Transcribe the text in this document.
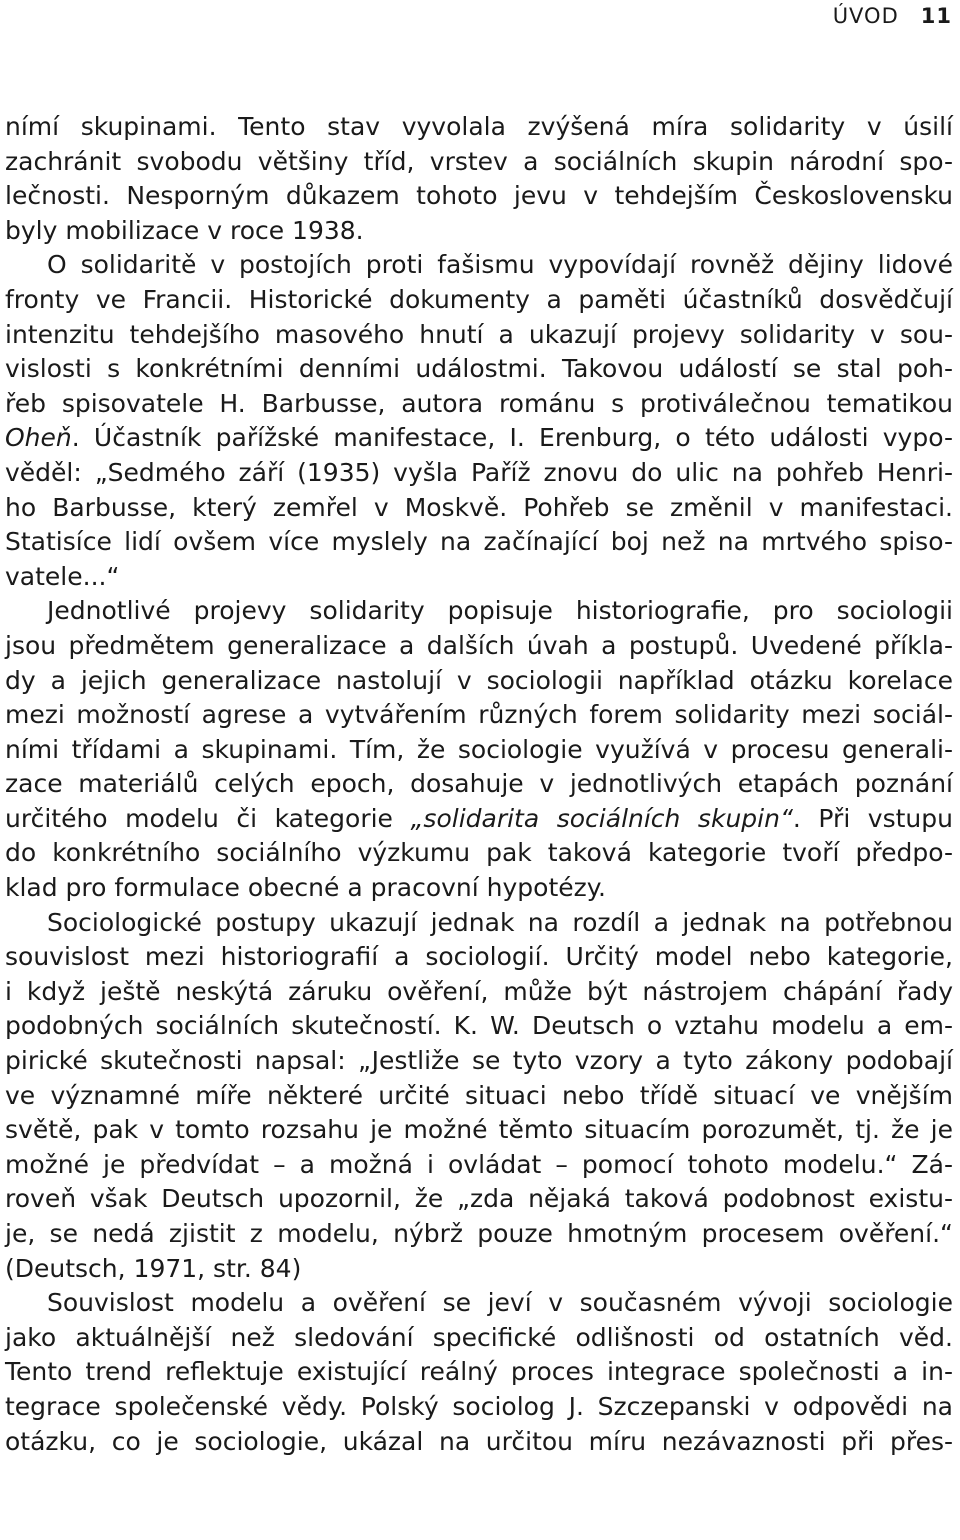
ÚVOD 11
nímí skupinami. Tento stav vyvolala zvýšená míra solidarity v úsilí
zachránit svobodu většiny tříd, vrstev a sociálních skupin národní spo-
lečnosti. Nesporným důkazem tohoto jevu v tehdejším Československu
byly mobilizace v roce 1938.
O solidaritě v postojích proti fašismu vypovídají rovněž dějiny lidové
fronty ve Francii. Historické dokumenty a paměti účastníků dosvědčují
intenzitu tehdejšího masového hnutí a ukazují projevy solidarity v sou-
vislosti s konkrétními denními událostmi. Takovou událostí se stal poh-
řeb spisovatele H. Barbusse, autora románu s protiválečnou tematikou
Oheň. Účastník pařížské manifestace, I. Erenburg, o této události vypo-
věděl: „Sedmého září (1935) vyšla Paříž znovu do ulic na pohřeb Henri-
ho Barbusse, který zemřel v Moskvě. Pohřeb se změnil v manifestaci.
Statisíce lidí ovšem více myslely na začínající boj než na mrtvého spiso-
vatele...“
Jednotlivé projevy solidarity popisuje historiografie, pro sociologii
jsou předmětem generalizace a dalších úvah a postupů. Uvedené příkla-
dy a jejich generalizace nastolují v sociologii například otázku korelace
mezi možností agrese a vytvářením různých forem solidarity mezi sociál-
ními třídami a skupinami. Tím, že sociologie využívá v procesu generali-
zace materiálů celých epoch, dosahuje v jednotlivých etapách poznání
určitého modelu či kategorie „solidarita sociálních skupin“. Při vstupu
do konkrétního sociálního výzkumu pak taková kategorie tvoří předpo-
klad pro formulace obecné a pracovní hypotézy.
Sociologické postupy ukazují jednak na rozdíl a jednak na potřebnou
souvislost mezi historiografií a sociologií. Určitý model nebo kategorie,
i když ještě neskýtá záruku ověření, může být nástrojem chápání řady
podobných sociálních skutečností. K. W. Deutsch o vztahu modelu a em-
pirické skutečnosti napsal: „Jestliže se tyto vzory a tyto zákony podobají
ve významné míře některé určité situaci nebo třídě situací ve vnějším
světě, pak v tomto rozsahu je možné těmto situacím porozumět, tj. že je
možné je předvídat – a možná i ovládat – pomocí tohoto modelu.“ Zá-
roveň však Deutsch upozornil, že „zda nějaká taková podobnost existu-
je, se nedá zjistit z modelu, nýbrž pouze hmotným procesem ověření.“
(Deutsch, 1971, str. 84)
Souvislost modelu a ověření se jeví v současném vývoji sociologie
jako aktuálnější než sledování specifické odlišnosti od ostatních věd.
Tento trend reflektuje existující reálný proces integrace společnosti a in-
tegrace společenské vědy. Polský sociolog J. Szczepanski v odpovědi na
otázku, co je sociologie, ukázal na určitou míru nezávaznosti při přes-
